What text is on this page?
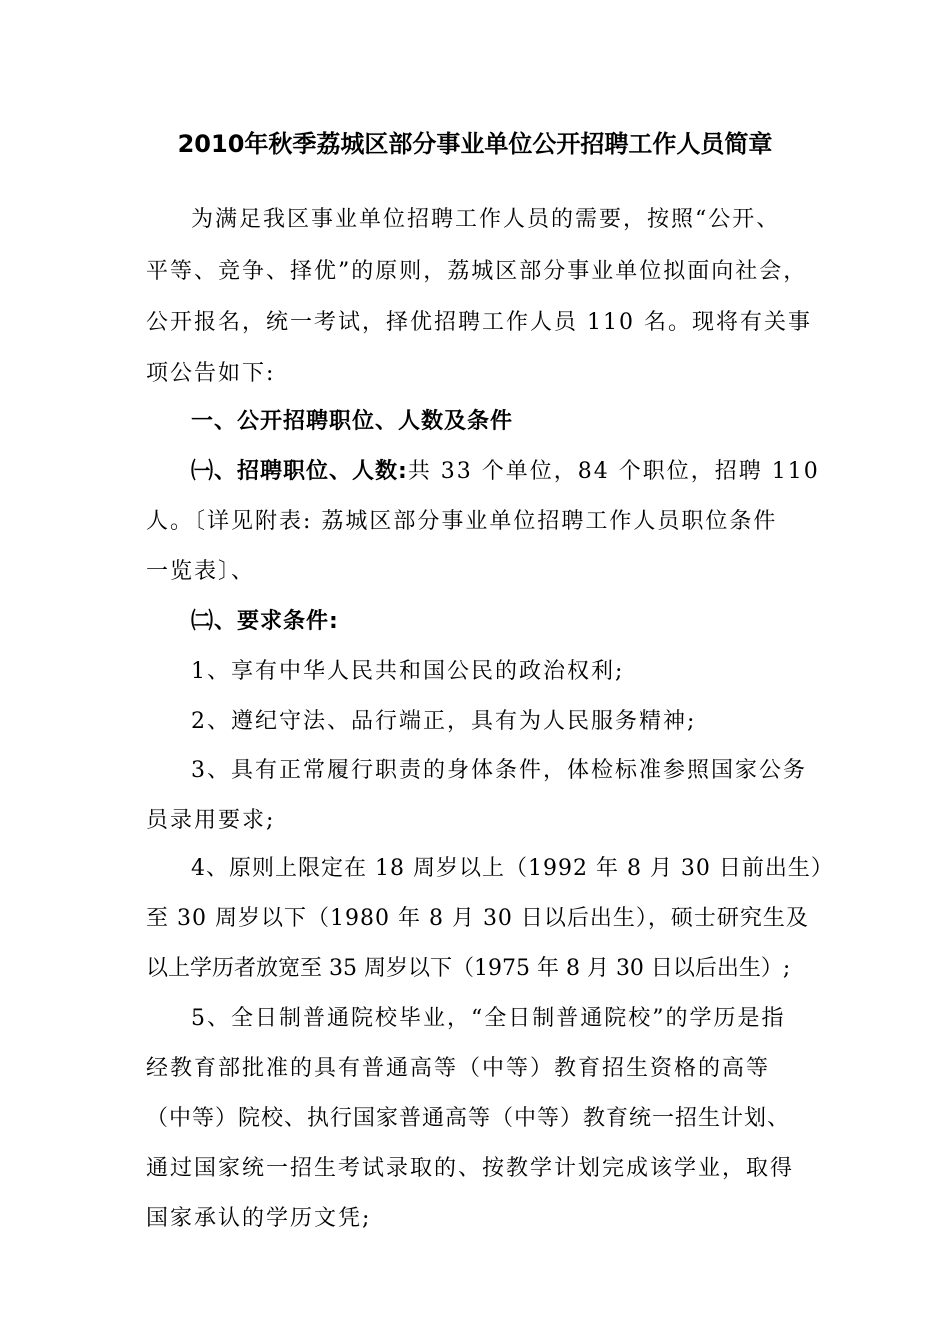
2010年秋季荔城区部分事业单位公开招聘工作人员简章
为满足我区事业单位招聘工作人员的需要，按照“公开、
平等、竞争、择优”的原则，荔城区部分事业单位拟面向社会，
公开报名，统一考试，择优招聘工作人员 110 名。现将有关事
项公告如下:
一、公开招聘职位、人数及条件
㈠、招聘职位、人数:共 33 个单位，84 个职位，招聘 110
人。〔详见附表: 荔城区部分事业单位招聘工作人员职位条件
一览表〕、
㈡、要求条件:
1、享有中华人民共和国公民的政治权利;
2、遵纪守法、品行端正，具有为人民服务精神;
3、具有正常履行职责的身体条件，体检标准参照国家公务
员录用要求;
4、原则上限定在 18 周岁以上（1992 年 8 月 30 日前出生）
至 30 周岁以下（1980 年 8 月 30 日以后出生），硕士研究生及
以上学历者放宽至 35 周岁以下（1975 年 8 月 30 日以后出生）;
5、全日制普通院校毕业，“全日制普通院校”的学历是指
经教育部批准的具有普通高等（中等）教育招生资格的高等
（中等）院校、执行国家普通高等（中等）教育统一招生计划、
通过国家统一招生考试录取的、按教学计划完成该学业，取得
国家承认的学历文凭;
